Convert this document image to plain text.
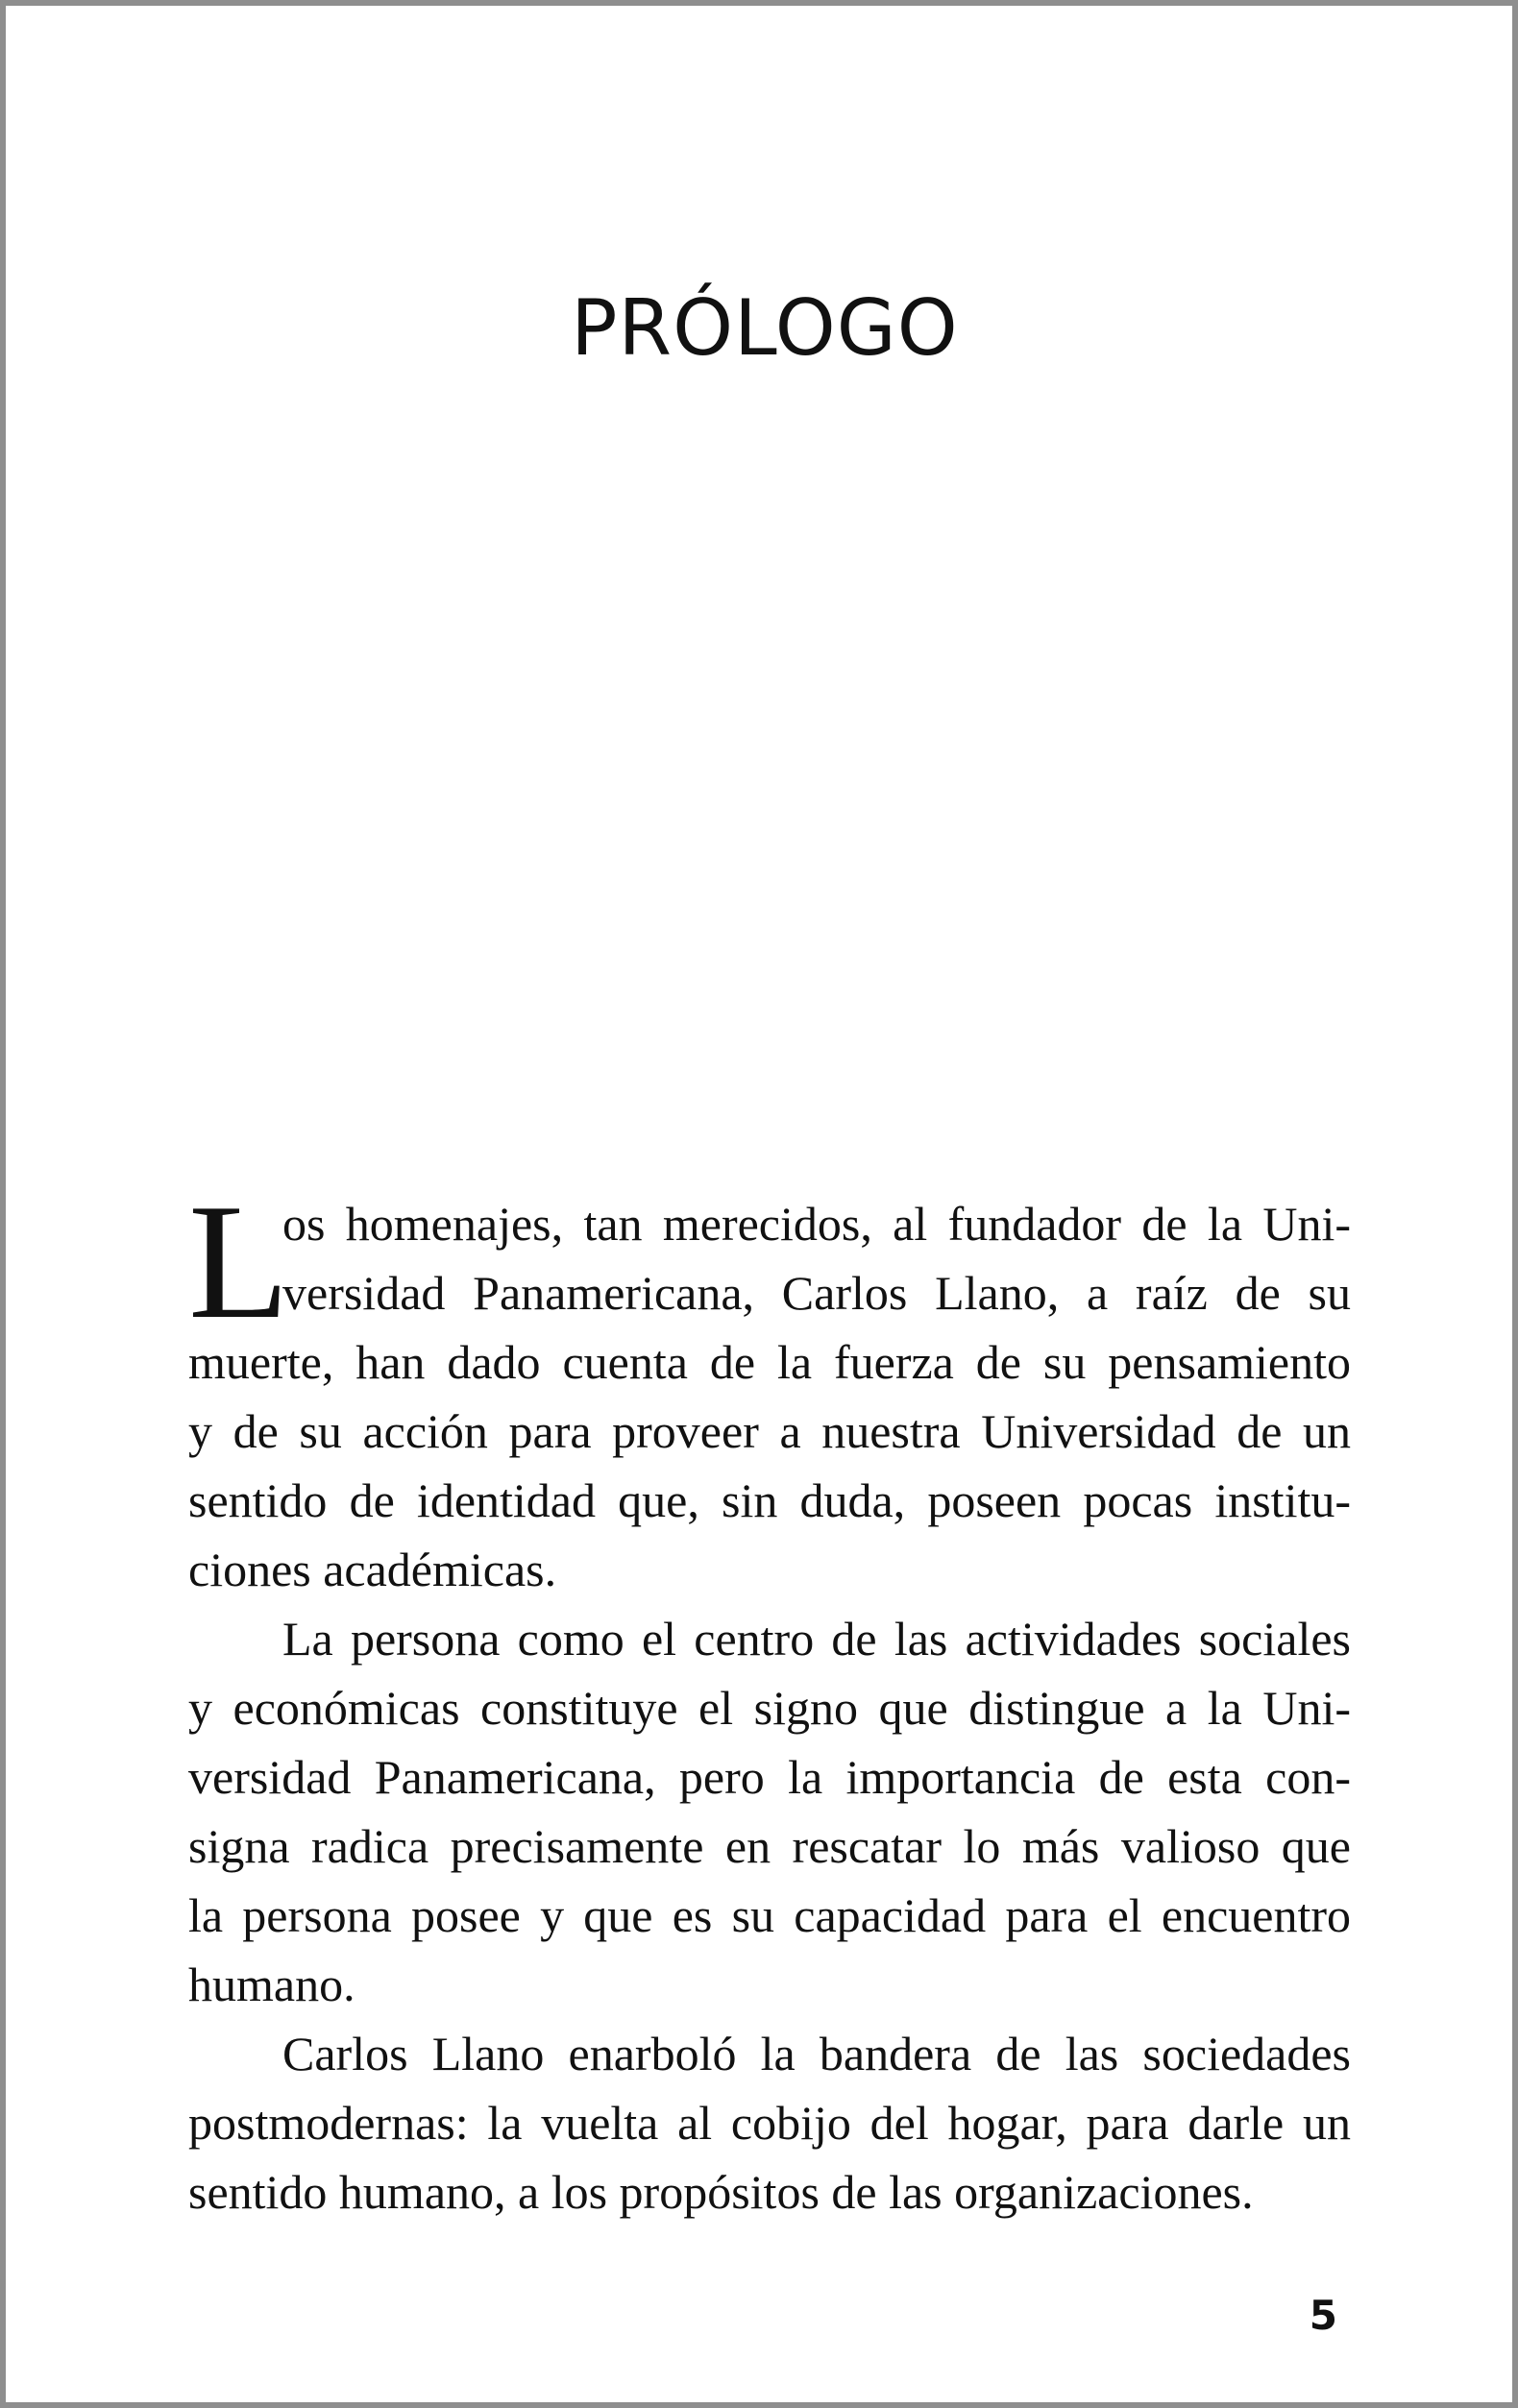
PRÓLOGO
L
os homenajes, tan merecidos, al fundador de la Uni-
versidad Panamericana, Carlos Llano, a raíz de su
muerte, han dado cuenta de la fuerza de su pensamiento
y de su acción para proveer a nuestra Universidad de un
sentido de identidad que, sin duda, poseen pocas institu-
ciones académicas.
La persona como el centro de las actividades sociales
y económicas constituye el signo que distingue a la Uni-
versidad Panamericana, pero la importancia de esta con-
signa radica precisamente en rescatar lo más valioso que
la persona posee y que es su capacidad para el encuentro
humano.
Carlos Llano enarboló la bandera de las sociedades
postmodernas: la vuelta al cobijo del hogar, para darle un
sentido humano, a los propósitos de las organizaciones.
5
